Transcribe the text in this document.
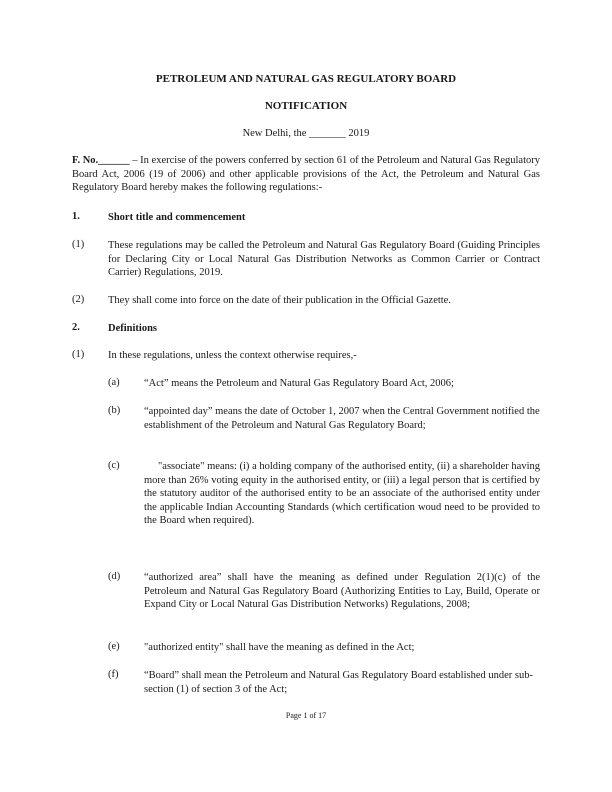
PETROLEUM AND NATURAL GAS REGULATORY BOARD
NOTIFICATION
New Delhi, the _______ 2019
F. No.______ – In exercise of the powers conferred by section 61 of the Petroleum and Natural Gas Regulatory Board Act, 2006 (19 of 2006) and other applicable provisions of the Act, the Petroleum and Natural Gas Regulatory Board hereby makes the following regulations:-
1.	Short title and commencement
(1) These regulations may be called the Petroleum and Natural Gas Regulatory Board (Guiding Principles for Declaring City or Local Natural Gas Distribution Networks as Common Carrier or Contract Carrier) Regulations, 2019.
(2) They shall come into force on the date of their publication in the Official Gazette.
2.	Definitions
(1) In these regulations, unless the context otherwise requires,-
(a) “Act” means the Petroleum and Natural Gas Regulatory Board Act, 2006;
(b) “appointed day” means the date of October 1, 2007 when the Central Government notified the establishment of the Petroleum and Natural Gas Regulatory Board;
(c)	"associate" means: (i) a holding company of the authorised entity, (ii) a shareholder having more than 26% voting equity in the authorised entity, or (iii) a legal person that is certified by the statutory auditor of the authorised entity to be an associate of the authorised entity under the applicable Indian Accounting Standards (which certification woud need to be provided to the Board when required).
(d) “authorized area” shall have the meaning as defined under Regulation 2(1)(c) of the Petroleum and Natural Gas Regulatory Board (Authorizing Entities to Lay, Build, Operate or Expand City or Local Natural Gas Distribution Networks) Regulations, 2008;
(e) "authorized entity" shall have the meaning as defined in the Act;
(f) “Board” shall mean the Petroleum and Natural Gas Regulatory Board established under sub-section (1) of section 3 of the Act;
Page 1 of 17
